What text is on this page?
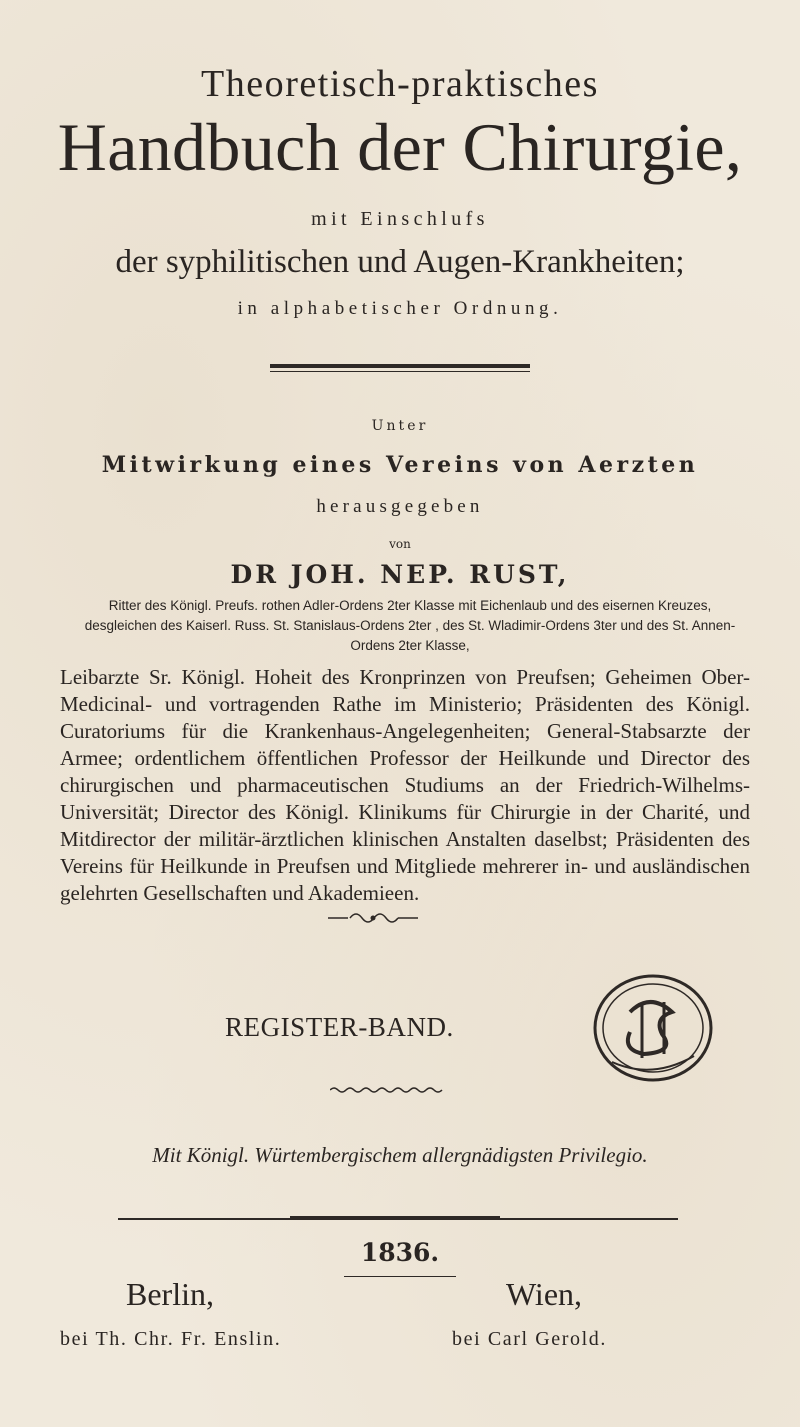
Theoretisch-praktisches
Handbuch der Chirurgie,
mit Einschlufs
der syphilitischen und Augen-Krankheiten;
in alphabetischer Ordnung.
Unter
Mitwirkung eines Vereins von Aerzten
herausgegeben
von
DR JOH. NEP. RUST,
Ritter des Königl. Preufs. rothen Adler-Ordens 2ter Klasse mit Eichenlaub und des eisernen Kreuzes, desgleichen des Kaiserl. Russ. St. Stanislaus-Ordens 2ter , des St. Wladimir-Ordens 3ter und des St. Annen-Ordens 2ter Klasse,
Leibarzte Sr. Königl. Hoheit des Kronprinzen von Preufsen; Geheimen Ober-Medicinal- und vortragenden Rathe im Ministerio; Präsidenten des Königl. Curatoriums für die Krankenhaus-Angelegenheiten; General-Stabsarzte der Armee; ordentlichem öffentlichen Professor der Heilkunde und Director des chirurgischen und pharmaceutischen Studiums an der Friedrich-Wilhelms-Universität; Director des Königl. Klinikums für Chirurgie in der Charité, und Mitdirector der militär-ärztlichen klinischen Anstalten daselbst; Präsidenten des Vereins für Heilkunde in Preufsen und Mitgliede mehrerer in- und ausländischen gelehrten Gesellschaften und Akademieen.
REGISTER-BAND.
Mit Königl. Würtembergischem allergnädigsten Privilegio.
1836.
Berlin,	Wien,
bei Th. Chr. Fr. Enslin.	bei Carl Gerold.
